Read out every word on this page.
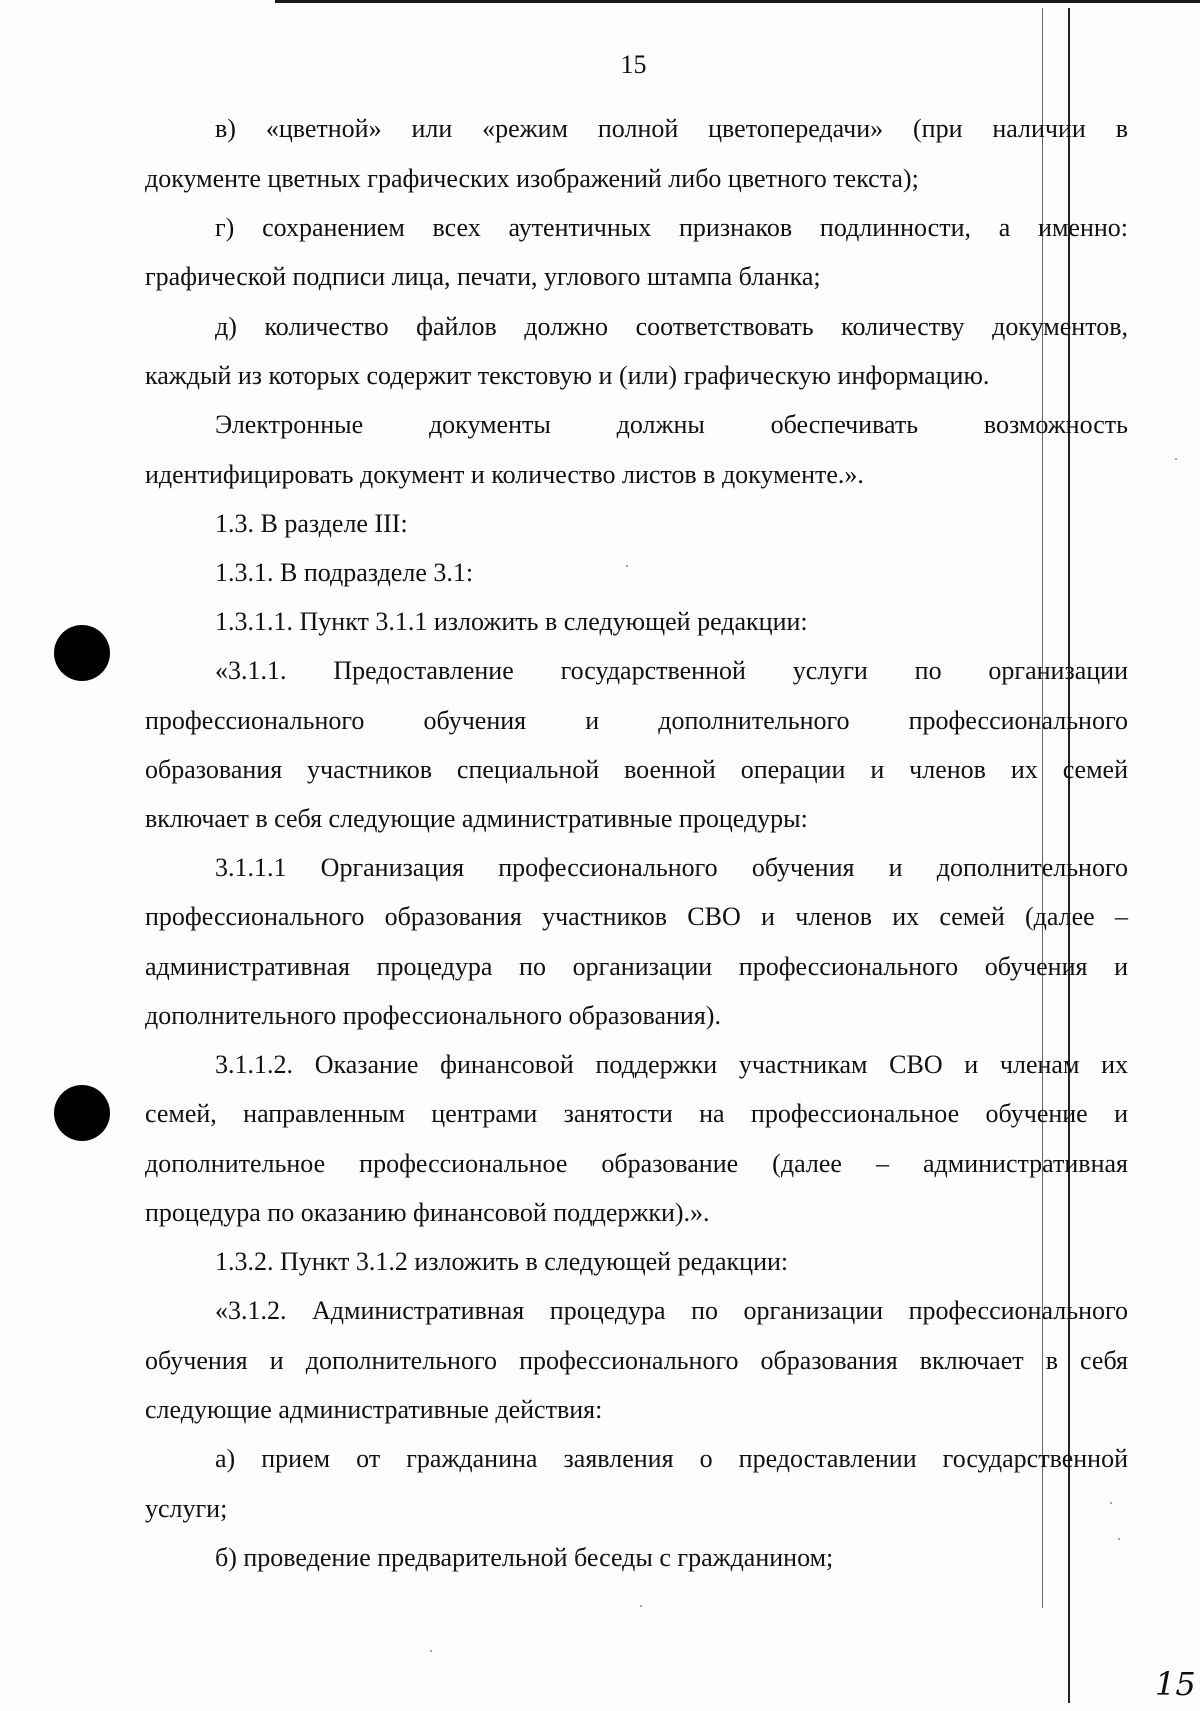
15
в) «цветной» или «режим полной цветопередачи» (при наличии в
документе цветных графических изображений либо цветного текста);
г) сохранением всех аутентичных признаков подлинности, а именно:
графической подписи лица, печати, углового штампа бланка;
д) количество файлов должно соответствовать количеству документов,
каждый из которых содержит текстовую и (или) графическую информацию.
Электронные документы должны обеспечивать возможность
идентифицировать документ и количество листов в документе.».
1.3. В разделе III:
1.3.1. В подразделе 3.1:
1.3.1.1. Пункт 3.1.1 изложить в следующей редакции:
«3.1.1. Предоставление государственной услуги по организации
профессионального обучения и дополнительного профессионального
образования участников специальной военной операции и членов их семей
включает в себя следующие административные процедуры:
3.1.1.1 Организация профессионального обучения и дополнительного
профессионального образования участников СВО и членов их семей (далее –
административная процедура по организации профессионального обучения и
дополнительного профессионального образования).
3.1.1.2. Оказание финансовой поддержки участникам СВО и членам их
семей, направленным центрами занятости на профессиональное обучение и
дополнительное профессиональное образование (далее – административная
процедура по оказанию финансовой поддержки).».
1.3.2. Пункт 3.1.2 изложить в следующей редакции:
«3.1.2. Административная процедура по организации профессионального
обучения и дополнительного профессионального образования включает в себя
следующие административные действия:
а) прием от гражданина заявления о предоставлении государственной
услуги;
б) проведение предварительной беседы с гражданином;
15
